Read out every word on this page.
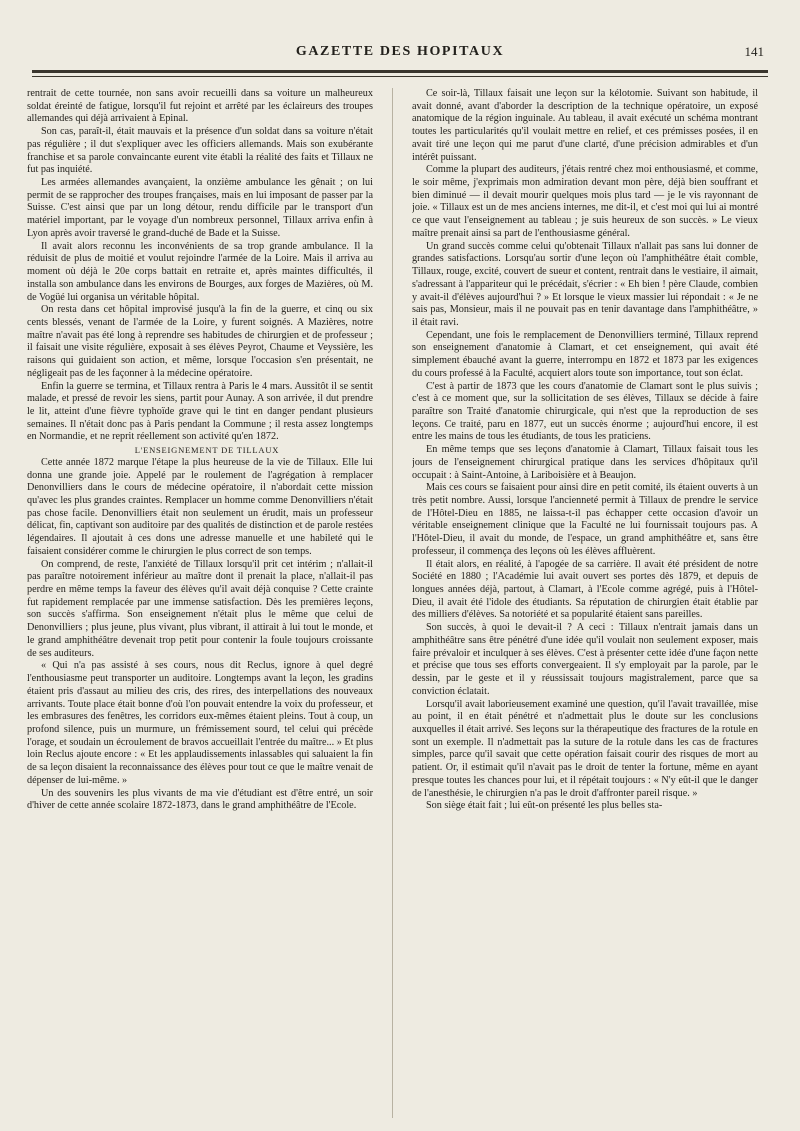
GAZETTE DES HOPITAUX	141

rentrait de cette tournée, non sans avoir recueilli dans sa voiture un malheureux soldat éreinté de fatigue, lorsqu'il fut rejoint et arrêté par les éclaireurs des troupes allemandes qui déjà arrivaient à Epinal.

Son cas, paraît-il, était mauvais et la présence d'un soldat dans sa voiture n'était pas régulière ; il dut s'expliquer avec les officiers allemands. Mais son exubérante franchise et sa parole convaincante eurent vite établi la réalité des faits et Tillaux ne fut pas inquiété.

Les armées allemandes avançaient, la onzième ambulance les gênait ; on lui permit de se rapprocher des troupes françaises, mais en lui imposant de passer par la Suisse. C'est ainsi que par un long détour, rendu difficile par le transport d'un matériel important, par le voyage d'un nombreux personnel, Tillaux arriva enfin à Lyon après avoir traversé le grand-duché de Bade et la Suisse.

Il avait alors reconnu les inconvénients de sa trop grande ambulance. Il la réduisit de plus de moitié et voulut rejoindre l'armée de la Loire. Mais il arriva au moment où déjà le 20e corps battait en retraite et, après maintes difficultés, il installa son ambulance dans les environs de Bourges, aux forges de Mazières, où M. de Vogüé lui organisa un véritable hôpital.

On resta dans cet hôpital improvisé jusqu'à la fin de la guerre, et cinq ou six cents blessés, venant de l'armée de la Loire, y furent soignés. A Mazières, notre maître n'avait pas été long à reprendre ses habitudes de chirurgien et de professeur ; il faisait une visite régulière, exposait à ses élèves Peyrot, Chaume et Veyssière, les raisons qui guidaient son action, et même, lorsque l'occasion s'en présentait, ne négligeait pas de les façonner à la médecine opératoire.

Enfin la guerre se termina, et Tillaux rentra à Paris le 4 mars. Aussitôt il se sentit malade, et pressé de revoir les siens, partit pour Aunay. A son arrivée, il dut prendre le lit, atteint d'une fièvre typhoïde grave qui le tint en danger pendant plusieurs semaines. Il n'était donc pas à Paris pendant la Commune ; il resta assez longtemps en Normandie, et ne reprit réellement son activité qu'en 1872.

L'ENSEIGNEMENT DE TILLAUX

Cette année 1872 marque l'étape la plus heureuse de la vie de Tillaux. Elle lui donna une grande joie. Appelé par le roulement de l'agrégation à remplacer Denonvilliers dans le cours de médecine opératoire, il n'abordait cette mission qu'avec les plus grandes craintes. Remplacer un homme comme Denonvilliers n'était pas chose facile. Denonvilliers était non seulement un érudit, mais un professeur délicat, fin, captivant son auditoire par des qualités de distinction et de parole restées légendaires. Il ajoutait à ces dons une adresse manuelle et une habileté qui le faisaient considérer comme le chirurgien le plus correct de son temps.

On comprend, de reste, l'anxiété de Tillaux lorsqu'il prit cet intérim ; n'allait-il pas paraître notoirement inférieur au maître dont il prenait la place, n'allait-il pas perdre en même temps la faveur des élèves qu'il avait déjà conquise ? Cette crainte fut rapidement remplacée par une immense satisfaction. Dès les premières leçons, son succès s'affirma. Son enseignement n'était plus le même que celui de Denonvilliers ; plus jeune, plus vivant, plus vibrant, il attirait à lui tout le monde, et le grand amphithéâtre devenait trop petit pour contenir la foule toujours croissante de ses auditeurs.

« Qui n'a pas assisté à ses cours, nous dit Reclus, ignore à quel degré l'enthousiasme peut transporter un auditoire. Longtemps avant la leçon, les gradins étaient pris d'assaut au milieu des cris, des rires, des interpellations des nouveaux arrivants. Toute place était bonne d'où l'on pouvait entendre la voix du professeur, et les embrasures des fenêtres, les corridors eux-mêmes étaient pleins. Tout à coup, un profond silence, puis un murmure, un frémissement sourd, tel celui qui précède l'orage, et soudain un écroulement de bravos accueillait l'entrée du maître... » Et plus loin Reclus ajoute encore : « Et les applaudissements inlassables qui saluaient la fin de sa leçon disaient la reconnaissance des élèves pour tout ce que le maître venait de dépenser de lui-même. »

Un des souvenirs les plus vivants de ma vie d'étudiant est d'être entré, un soir d'hiver de cette année scolaire 1872-1873, dans le grand amphithéâtre de l'Ecole.

Ce soir-là, Tillaux faisait une leçon sur la kélotomie. Suivant son habitude, il avait donné, avant d'aborder la description de la technique opératoire, un exposé anatomique de la région inguinale. Au tableau, il avait exécuté un schéma montrant toutes les particularités qu'il voulait mettre en relief, et ces prémisses posées, il en avait tiré une leçon qui me parut d'une clarté, d'une précision admirables et d'un intérêt puissant.

Comme la plupart des auditeurs, j'étais rentré chez moi enthousiasmé, et comme, le soir même, j'exprimais mon admiration devant mon père, déjà bien souffrant et bien diminué — il devait mourir quelques mois plus tard — je le vis rayonnant de joie. « Tillaux est un de mes anciens internes, me dit-il, et c'est moi qui lui ai montré ce que vaut l'enseignement au tableau ; je suis heureux de son succès. » Le vieux maître prenait ainsi sa part de l'enthousiasme général.

Un grand succès comme celui qu'obtenait Tillaux n'allait pas sans lui donner de grandes satisfactions. Lorsqu'au sortir d'une leçon où l'amphithéâtre était comble, Tillaux, rouge, excité, couvert de sueur et content, rentrait dans le vestiaire, il aimait, s'adressant à l'appariteur qui le précédait, s'écrier : « Eh bien ! père Claude, combien y avait-il d'élèves aujourd'hui ? » Et lorsque le vieux massier lui répondait : « Je ne sais pas, Monsieur, mais il ne pouvait pas en tenir davantage dans l'amphithéâtre, » il était ravi.

Cependant, une fois le remplacement de Denonvilliers terminé, Tillaux reprend son enseignement d'anatomie à Clamart, et cet enseignement, qui avait été simplement ébauché avant la guerre, interrompu en 1872 et 1873 par les exigences du cours professé à la Faculté, acquiert alors toute son importance, tout son éclat.

C'est à partir de 1873 que les cours d'anatomie de Clamart sont le plus suivis ; c'est à ce moment que, sur la sollicitation de ses élèves, Tillaux se décide à faire paraître son Traité d'anatomie chirurgicale, qui n'est que la reproduction de ses leçons. Ce traité, paru en 1877, eut un succès énorme ; aujourd'hui encore, il est entre les mains de tous les étudiants, de tous les praticiens.

En même temps que ses leçons d'anatomie à Clamart, Tillaux faisait tous les jours de l'enseignement chirurgical pratique dans les services d'hôpitaux qu'il occupait : à Saint-Antoine, à Lariboisière et à Beaujon.

Mais ces cours se faisaient pour ainsi dire en petit comité, ils étaient ouverts à un très petit nombre. Aussi, lorsque l'ancienneté permit à Tillaux de prendre le service de l'Hôtel-Dieu en 1885, ne laissa-t-il pas échapper cette occasion d'avoir un véritable enseignement clinique que la Faculté ne lui fournissait toujours pas. A l'Hôtel-Dieu, il avait du monde, de l'espace, un grand amphithéâtre et, sans être professeur, il commença des leçons où les élèves affluèrent.

Il était alors, en réalité, à l'apogée de sa carrière. Il avait été président de notre Société en 1880 ; l'Académie lui avait ouvert ses portes dès 1879, et depuis de longues années déjà, partout, à Clamart, à l'Ecole comme agrégé, puis à l'Hôtel-Dieu, il avait été l'idole des étudiants. Sa réputation de chirurgien était établie par des milliers d'élèves. Sa notoriété et sa popularité étaient sans pareilles.

Son succès, à quoi le devait-il ? A ceci : Tillaux n'entrait jamais dans un amphithéâtre sans être pénétré d'une idée qu'il voulait non seulement exposer, mais faire prévaloir et inculquer à ses élèves. C'est à présenter cette idée d'une façon nette et précise que tous ses efforts convergeaient. Il s'y employait par la parole, par le dessin, par le geste et il y réussissait toujours magistralement, parce que sa conviction éclatait.

Lorsqu'il avait laborieusement examiné une question, qu'il l'avait travaillée, mise au point, il en était pénétré et n'admettait plus le doute sur les conclusions auxquelles il était arrivé. Ses leçons sur la thérapeutique des fractures de la rotule en sont un exemple. Il n'admettait pas la suture de la rotule dans les cas de fractures simples, parce qu'il savait que cette opération faisait courir des risques de mort au patient. Or, il estimait qu'il n'avait pas le droit de tenter la fortune, même en ayant presque toutes les chances pour lui, et il répétait toujours : « N'y eût-il que le danger de l'anesthésie, le chirurgien n'a pas le droit d'affronter pareil risque. »

Son siège était fait ; lui eût-on présenté les plus belles sta-
